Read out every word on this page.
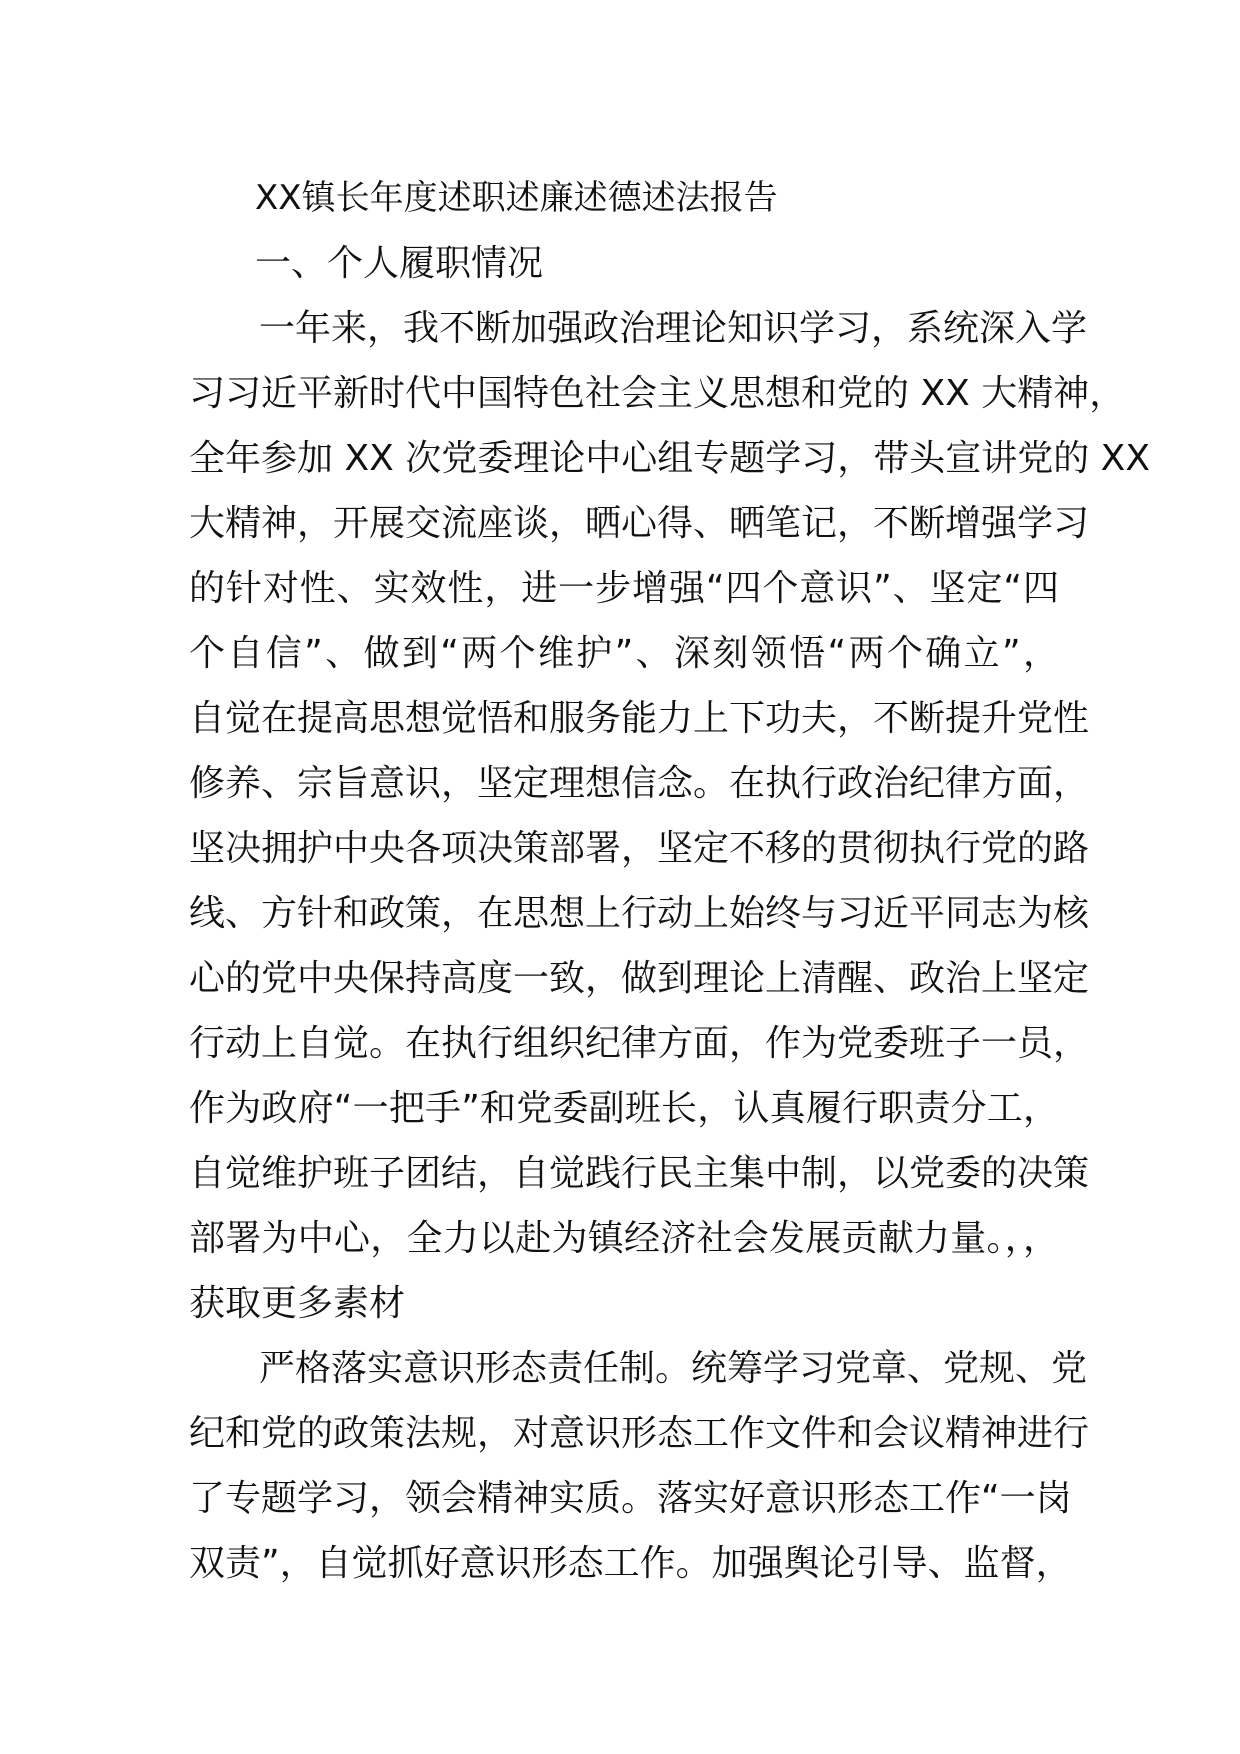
XX镇长年度述职述廉述德述法报告
一、个人履职情况
一年来，我不断加强政治理论知识学习，系统深入学
习习近平新时代中国特色社会主义思想和党的 XX 大精神，
全年参加 XX 次党委理论中心组专题学习，带头宣讲党的 XX
大精神，开展交流座谈，晒心得、晒笔记，不断增强学习
的针对性、实效性，进一步增强“四个意识”、坚定“四
个自信”、做到“两个维护”、深刻领悟“两个确立”，
自觉在提高思想觉悟和服务能力上下功夫，不断提升党性
修养、宗旨意识，坚定理想信念。在执行政治纪律方面，
坚决拥护中央各项决策部署，坚定不移的贯彻执行党的路
线、方针和政策，在思想上行动上始终与习近平同志为核
心的党中央保持高度一致，做到理论上清醒、政治上坚定
行动上自觉。在执行组织纪律方面，作为党委班子一员，
作为政府“一把手”和党委副班长，认真履行职责分工，
自觉维护班子团结，自觉践行民主集中制，以党委的决策
部署为中心，全力以赴为镇经济社会发展贡献力量。，，
获取更多素材
严格落实意识形态责任制。统筹学习党章、党规、党
纪和党的政策法规，对意识形态工作文件和会议精神进行
了专题学习，领会精神实质。落实好意识形态工作“一岗
双责”，自觉抓好意识形态工作。加强舆论引导、监督，
